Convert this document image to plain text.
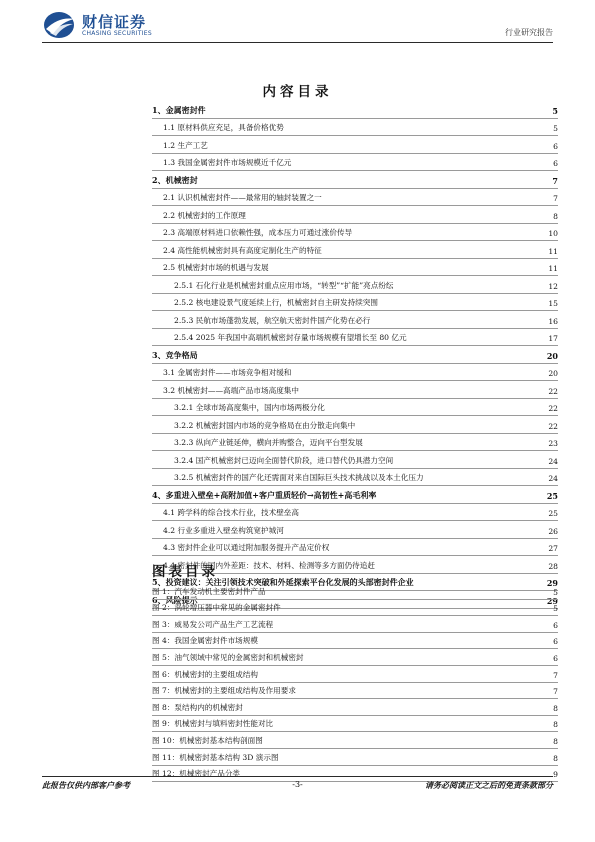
财信证券
CHASING SECURITIES	行业研究报告
内容目录
1、金属密封件	5
1.1 原材料供应充足，具备价格优势	5
1.2 生产工艺	6
1.3 我国金属密封件市场规模近千亿元	6
2、机械密封	7
2.1 认识机械密封件——最常用的轴封装置之一	7
2.2 机械密封的工作原理	8
2.3 高端原材料进口依赖性强，成本压力可通过涨价传导	10
2.4 高性能机械密封具有高度定制化生产的特征	11
2.5 机械密封市场的机遇与发展	11
2.5.1 石化行业是机械密封重点应用市场，“转型”“扩能”亮点纷纭	12
2.5.2 核电建设景气度延续上行，机械密封自主研发持续突围	15
2.5.3 民航市场蓬勃发展，航空航天密封件国产化势在必行	16
2.5.4 2025 年我国中高端机械密封存量市场规模有望增长至 80 亿元	17
3、竞争格局	20
3.1 金属密封件——市场竞争相对缓和	20
3.2 机械密封——高端产品市场高度集中	22
3.2.1 全球市场高度集中，国内市场两极分化	22
3.2.2 机械密封国内市场的竞争格局在由分散走向集中	22
3.2.3 纵向产业链延伸，横向并购整合，迈向平台型发展	23
3.2.4 国产机械密封已迈向全面替代阶段，进口替代仍具潜力空间	24
3.2.5 机械密封件的国产化还需面对来自国际巨头技术挑战以及本土化压力	24
4、多重进入壁垒+高附加值+客户重质轻价→高韧性+高毛利率	25
4.1 跨学科的综合技术行业，技术壁垒高	25
4.2 行业多重进入壁垒构筑宽护城河	26
4.3 密封件企业可以通过附加服务提升产品定价权	27
4.4 密封件的国内外差距：技术、材料、检测等多方面仍待追赶	28
5、投资建议：关注引领技术突破和外延探索平台化发展的头部密封件企业	29
6、风险提示	29
图表目录
图 1：汽车发动机主要密封件产品	5
图 2：涡轮增压器中常见的金属密封件	5
图 3：威易发公司产品生产工艺流程	6
图 4：我国金属密封件市场规模	6
图 5：油气领域中常见的金属密封和机械密封	6
图 6：机械密封的主要组成结构	7
图 7：机械密封的主要组成结构及作用要求	7
图 8：泵结构内的机械密封	8
图 9：机械密封与填料密封性能对比	8
图 10：机械密封基本结构剖面图	8
图 11：机械密封基本结构 3D 演示图	8
图 12：机械密封产品分类	9
此报告仅供内部客户参考	-3-	请务必阅读正文之后的免责条款部分
